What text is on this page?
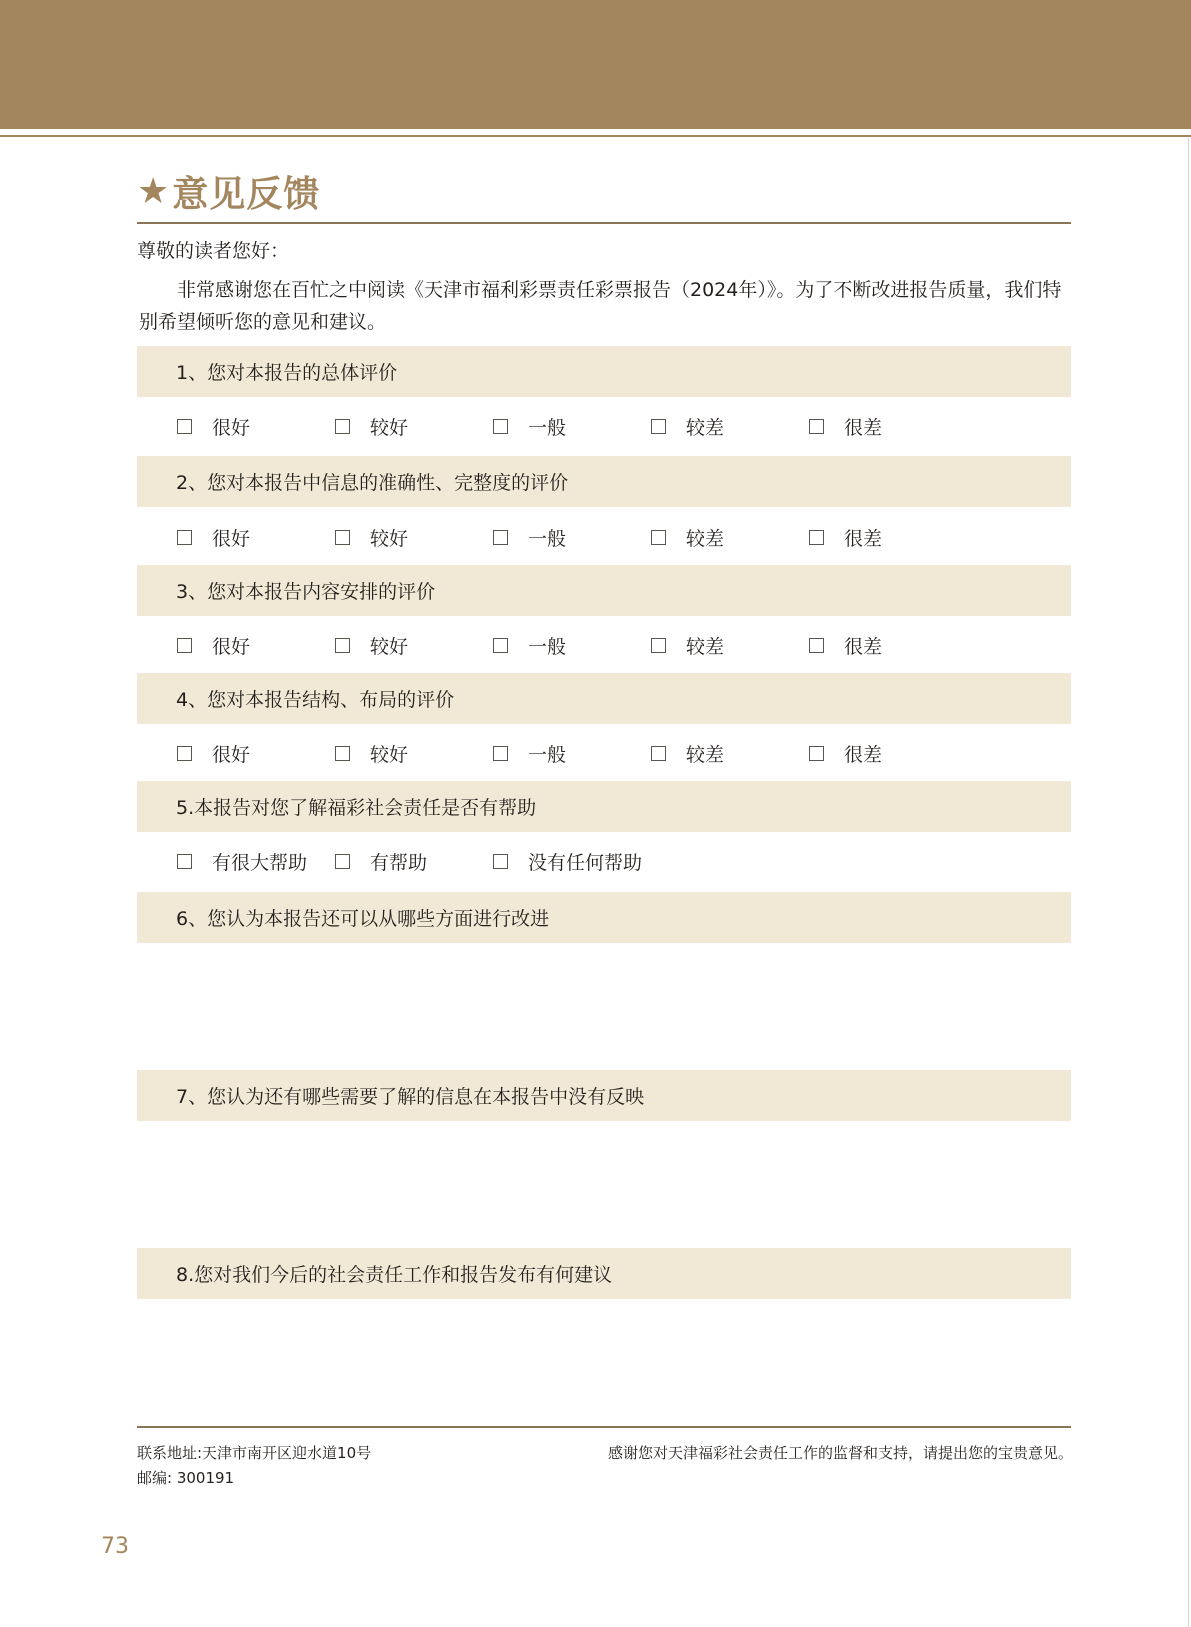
★ 意见反馈
尊敬的读者您好：
非常感谢您在百忙之中阅读《天津市福利彩票责任彩票报告（2024年）》。为了不断改进报告质量，我们特别希望倾听您的意见和建议。
1、您对本报告的总体评价
很好	较好	一般	较差	很差
2、您对本报告中信息的准确性、完整度的评价
很好	较好	一般	较差	很差
3、您对本报告内容安排的评价
很好	较好	一般	较差	很差
4、您对本报告结构、布局的评价
很好	较好	一般	较差	很差
5.本报告对您了解福彩社会责任是否有帮助
有很大帮助	有帮助	没有任何帮助
6、您认为本报告还可以从哪些方面进行改进
7、您认为还有哪些需要了解的信息在本报告中没有反映
8.您对我们今后的社会责任工作和报告发布有何建议
联系地址:天津市南开区迎水道10号
邮编: 300191
感谢您对天津福彩社会责任工作的监督和支持，请提出您的宝贵意见。
73
